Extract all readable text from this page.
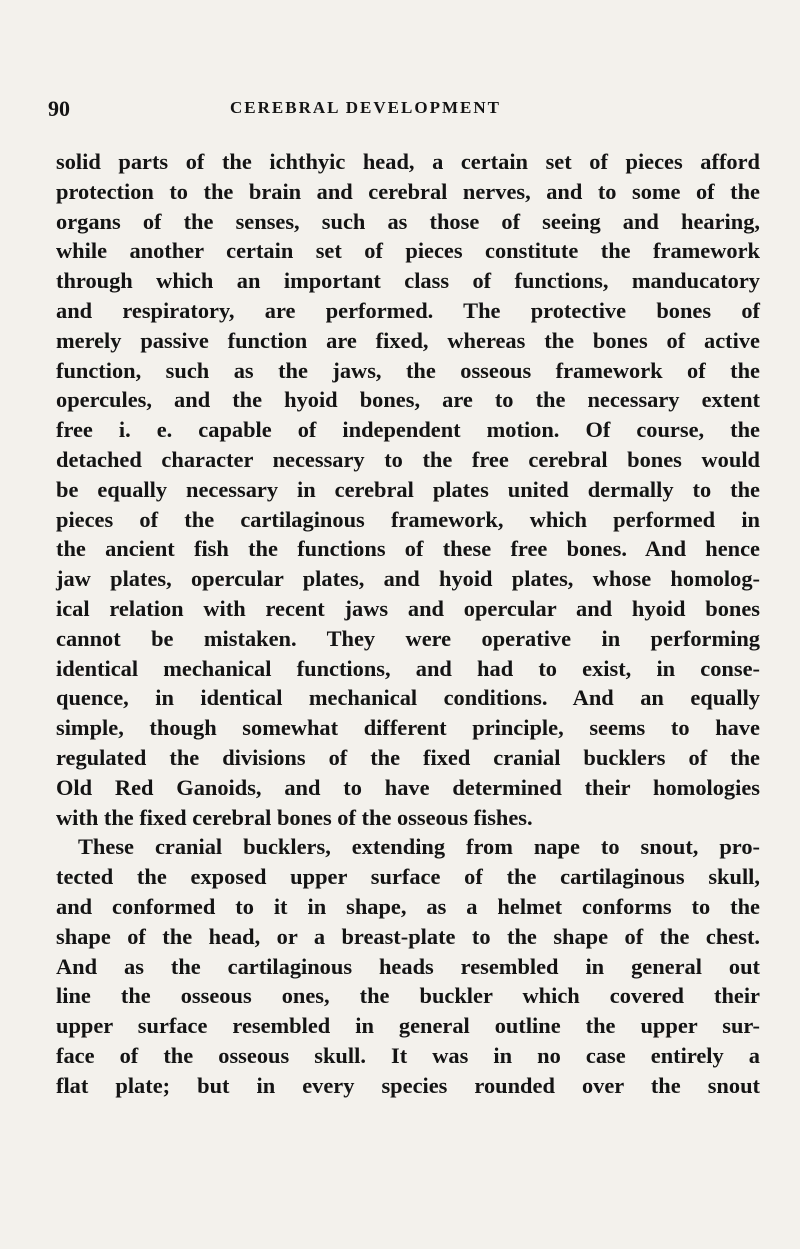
90	CEREBRAL DEVELOPMENT
solid parts of the ichthyic head, a certain set of pieces afford
protection to the brain and cerebral nerves, and to some of the
organs of the senses, such as those of seeing and hearing,
while another certain set of pieces constitute the framework
through which an important class of functions, manducatory
and respiratory, are performed. The protective bones of
merely passive function are fixed, whereas the bones of active
function, such as the jaws, the osseous framework of the
opercules, and the hyoid bones, are to the necessary extent
free i. e. capable of independent motion. Of course, the
detached character necessary to the free cerebral bones would
be equally necessary in cerebral plates united dermally to the
pieces of the cartilaginous framework, which performed in
the ancient fish the functions of these free bones. And hence
jaw plates, opercular plates, and hyoid plates, whose homolog-
ical relation with recent jaws and opercular and hyoid bones
cannot be mistaken. They were operative in performing
identical mechanical functions, and had to exist, in conse-
quence, in identical mechanical conditions. And an equally
simple, though somewhat different principle, seems to have
regulated the divisions of the fixed cranial bucklers of the
Old Red Ganoids, and to have determined their homologies
with the fixed cerebral bones of the osseous fishes.
These cranial bucklers, extending from nape to snout, pro-
tected the exposed upper surface of the cartilaginous skull,
and conformed to it in shape, as a helmet conforms to the
shape of the head, or a breast-plate to the shape of the chest.
And as the cartilaginous heads resembled in general out
line the osseous ones, the buckler which covered their
upper surface resembled in general outline the upper sur-
face of the osseous skull. It was in no case entirely a
flat plate; but in every species rounded over the snout
